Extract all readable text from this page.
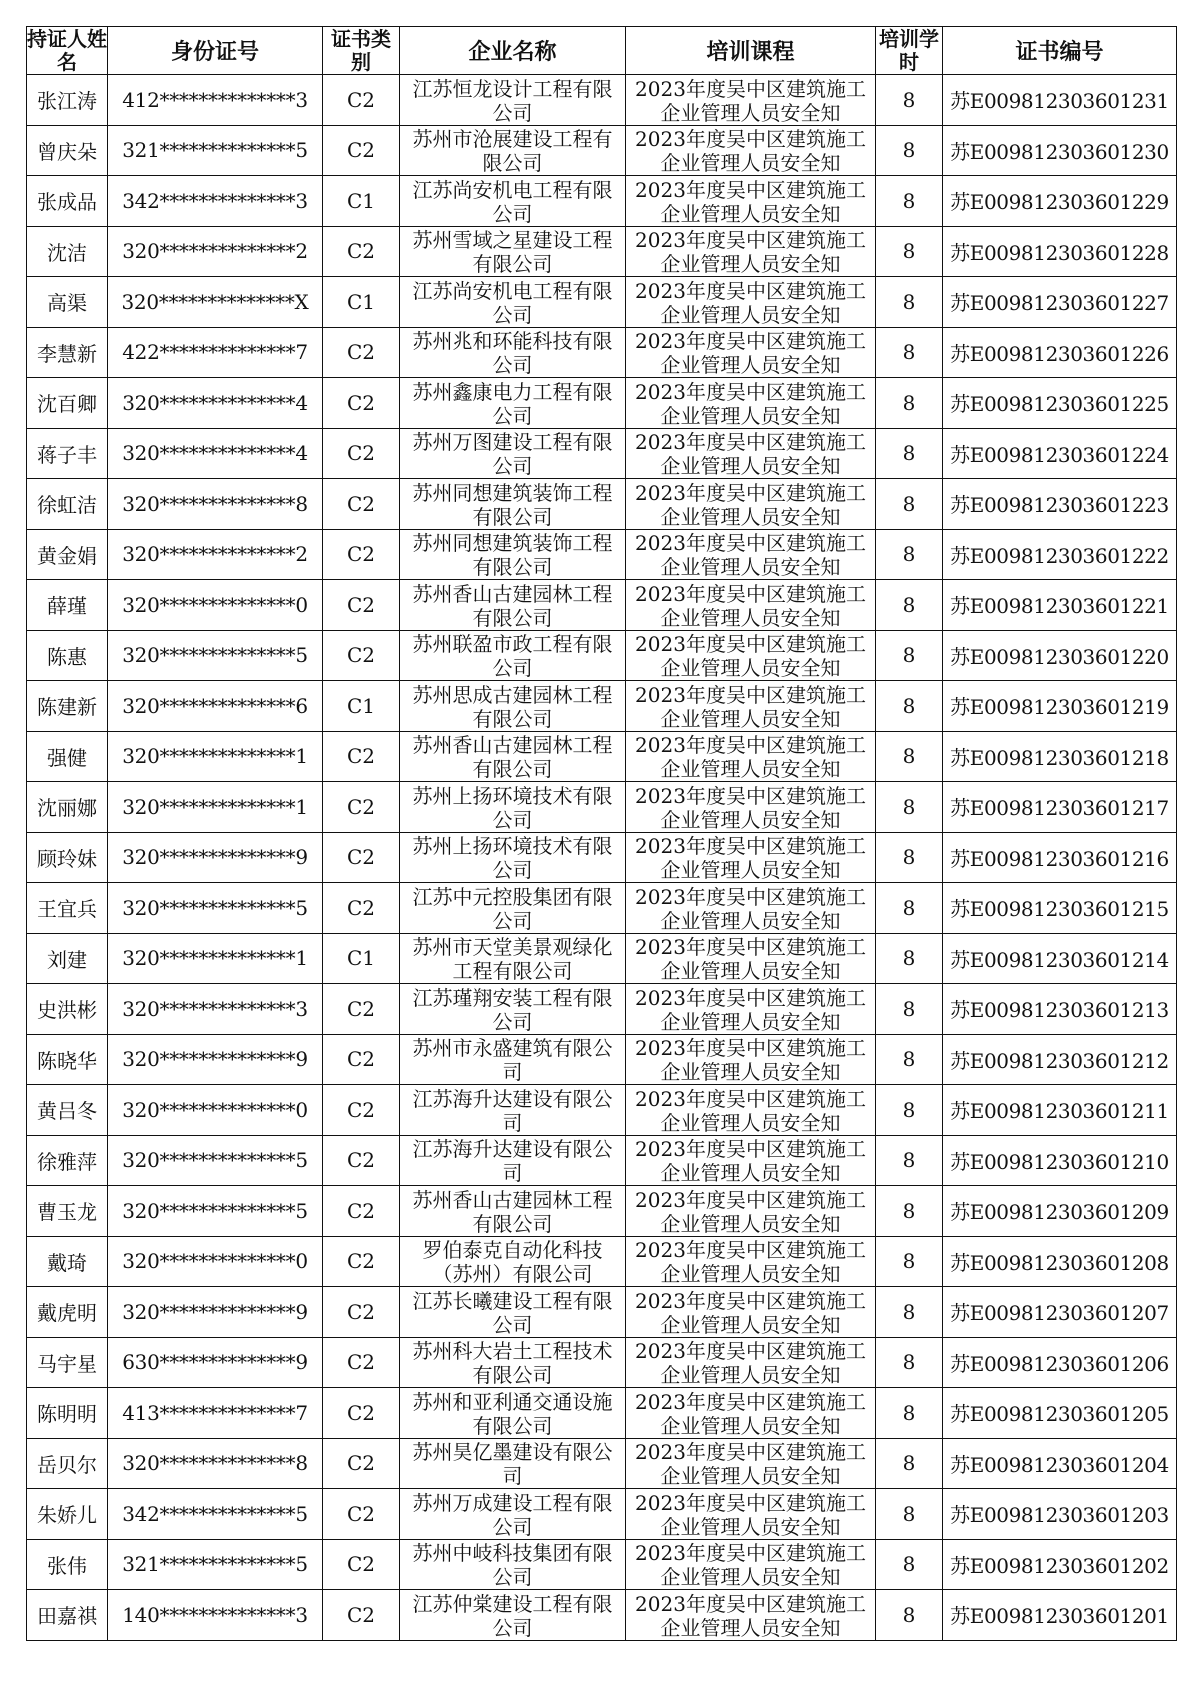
持证人姓名	身份证号	证书类别	企业名称	培训课程	培训学时	证书编号
张江涛	412**************3	C2	江苏恒龙设计工程有限公司	2023年度吴中区建筑施工企业管理人员安全知	8	苏E009812303601231
曾庆朵	321**************5	C2	苏州市沧展建设工程有限公司	2023年度吴中区建筑施工企业管理人员安全知	8	苏E009812303601230
张成品	342**************3	C1	江苏尚安机电工程有限公司	2023年度吴中区建筑施工企业管理人员安全知	8	苏E009812303601229
沈洁	320**************2	C2	苏州雪域之星建设工程有限公司	2023年度吴中区建筑施工企业管理人员安全知	8	苏E009812303601228
高渠	320**************X	C1	江苏尚安机电工程有限公司	2023年度吴中区建筑施工企业管理人员安全知	8	苏E009812303601227
李慧新	422**************7	C2	苏州兆和环能科技有限公司	2023年度吴中区建筑施工企业管理人员安全知	8	苏E009812303601226
沈百卿	320**************4	C2	苏州鑫康电力工程有限公司	2023年度吴中区建筑施工企业管理人员安全知	8	苏E009812303601225
蒋子丰	320**************4	C2	苏州万图建设工程有限公司	2023年度吴中区建筑施工企业管理人员安全知	8	苏E009812303601224
徐虹洁	320**************8	C2	苏州同想建筑装饰工程有限公司	2023年度吴中区建筑施工企业管理人员安全知	8	苏E009812303601223
黄金娟	320**************2	C2	苏州同想建筑装饰工程有限公司	2023年度吴中区建筑施工企业管理人员安全知	8	苏E009812303601222
薛瑾	320**************0	C2	苏州香山古建园林工程有限公司	2023年度吴中区建筑施工企业管理人员安全知	8	苏E009812303601221
陈惠	320**************5	C2	苏州联盈市政工程有限公司	2023年度吴中区建筑施工企业管理人员安全知	8	苏E009812303601220
陈建新	320**************6	C1	苏州思成古建园林工程有限公司	2023年度吴中区建筑施工企业管理人员安全知	8	苏E009812303601219
强健	320**************1	C2	苏州香山古建园林工程有限公司	2023年度吴中区建筑施工企业管理人员安全知	8	苏E009812303601218
沈丽娜	320**************1	C2	苏州上扬环境技术有限公司	2023年度吴中区建筑施工企业管理人员安全知	8	苏E009812303601217
顾玲妹	320**************9	C2	苏州上扬环境技术有限公司	2023年度吴中区建筑施工企业管理人员安全知	8	苏E009812303601216
王宜兵	320**************5	C2	江苏中元控股集团有限公司	2023年度吴中区建筑施工企业管理人员安全知	8	苏E009812303601215
刘建	320**************1	C1	苏州市天堂美景观绿化工程有限公司	2023年度吴中区建筑施工企业管理人员安全知	8	苏E009812303601214
史洪彬	320**************3	C2	江苏瑾翔安装工程有限公司	2023年度吴中区建筑施工企业管理人员安全知	8	苏E009812303601213
陈晓华	320**************9	C2	苏州市永盛建筑有限公司	2023年度吴中区建筑施工企业管理人员安全知	8	苏E009812303601212
黄吕冬	320**************0	C2	江苏海升达建设有限公司	2023年度吴中区建筑施工企业管理人员安全知	8	苏E009812303601211
徐雅萍	320**************5	C2	江苏海升达建设有限公司	2023年度吴中区建筑施工企业管理人员安全知	8	苏E009812303601210
曹玉龙	320**************5	C2	苏州香山古建园林工程有限公司	2023年度吴中区建筑施工企业管理人员安全知	8	苏E009812303601209
戴琦	320**************0	C2	罗伯泰克自动化科技（苏州）有限公司	2023年度吴中区建筑施工企业管理人员安全知	8	苏E009812303601208
戴虎明	320**************9	C2	江苏长曦建设工程有限公司	2023年度吴中区建筑施工企业管理人员安全知	8	苏E009812303601207
马宇星	630**************9	C2	苏州科大岩土工程技术有限公司	2023年度吴中区建筑施工企业管理人员安全知	8	苏E009812303601206
陈明明	413**************7	C2	苏州和亚利通交通设施有限公司	2023年度吴中区建筑施工企业管理人员安全知	8	苏E009812303601205
岳贝尔	320**************8	C2	苏州昊亿墨建设有限公司	2023年度吴中区建筑施工企业管理人员安全知	8	苏E009812303601204
朱娇儿	342**************5	C2	苏州万成建设工程有限公司	2023年度吴中区建筑施工企业管理人员安全知	8	苏E009812303601203
张伟	321**************5	C2	苏州中岐科技集团有限公司	2023年度吴中区建筑施工企业管理人员安全知	8	苏E009812303601202
田嘉祺	140**************3	C2	江苏仲棠建设工程有限公司	2023年度吴中区建筑施工企业管理人员安全知	8	苏E009812303601201
